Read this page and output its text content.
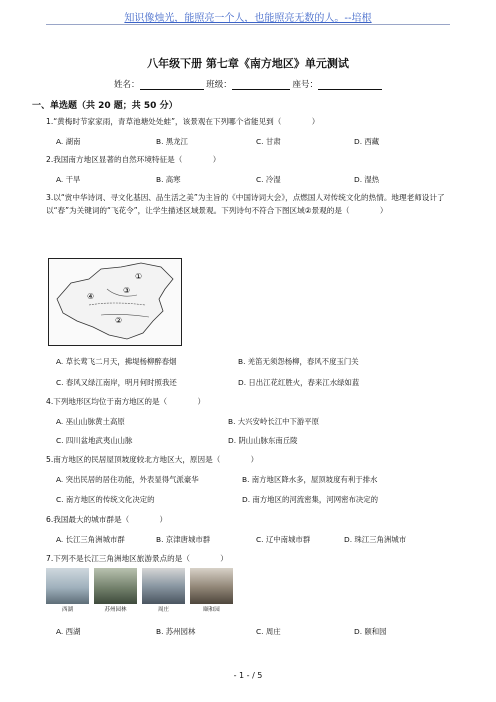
知识像烛光，能照亮一个人，也能照亮无数的人。--培根
八年级下册 第七章《南方地区》单元测试
姓名：	班级：	座号：
一、单选题（共 20 题；共 50 分）
1.“黄梅时节家家雨，青草池塘处处蛙”，该景观在下列哪个省能见到（　　　　）
A. 湖南	B. 黑龙江	C. 甘肃	D. 西藏
2.我国南方地区显著的自然环境特征是（　　　　）
A. 干旱	B. 高寒	C. 冷湿	D. 湿热
3.以“赏中华诗词、寻文化基因、品生活之美”为主旨的《中国诗词大会》，点燃国人对传统文化的热情。地理老师设计了以“春”为关键词的“飞花令”，让学生描述区域景观。下列诗句不符合下图区域②景观的是（　　　　）
②
④
③
①
A. 草长莺飞二月天，拂堤杨柳醉春烟	B. 羌笛无须怨杨柳，春风不度玉门关
C. 春风又绿江南岸，明月何时照我还	D. 日出江花红胜火，春来江水绿如蓝
4.下列地形区均位于南方地区的是（　　　　）
A. 巫山山脉黄土高原	B. 大兴安岭长江中下游平原
C. 四川盆地武夷山山脉	D. 阴山山脉东南丘陵
5.南方地区的民居屋顶坡度较北方地区大，原因是（　　　　）
A. 突出民居的居住功能，外表显得气派豪华	B. 南方地区降水多，屋顶坡度有利于排水
C. 南方地区的传统文化决定的	D. 南方地区的河流密集，河网密布决定的
6.我国最大的城市群是（　　　　）
A. 长江三角洲城市群	B. 京津唐城市群	C. 辽中南城市群	D. 珠江三角洲城市
7.下列不是长江三角洲地区旅游景点的是（　　　　）
西湖	苏州园林	周庄	颐和园
A. 西湖	B. 苏州园林	C. 周庄	D. 颐和园
- 1 - / 5
